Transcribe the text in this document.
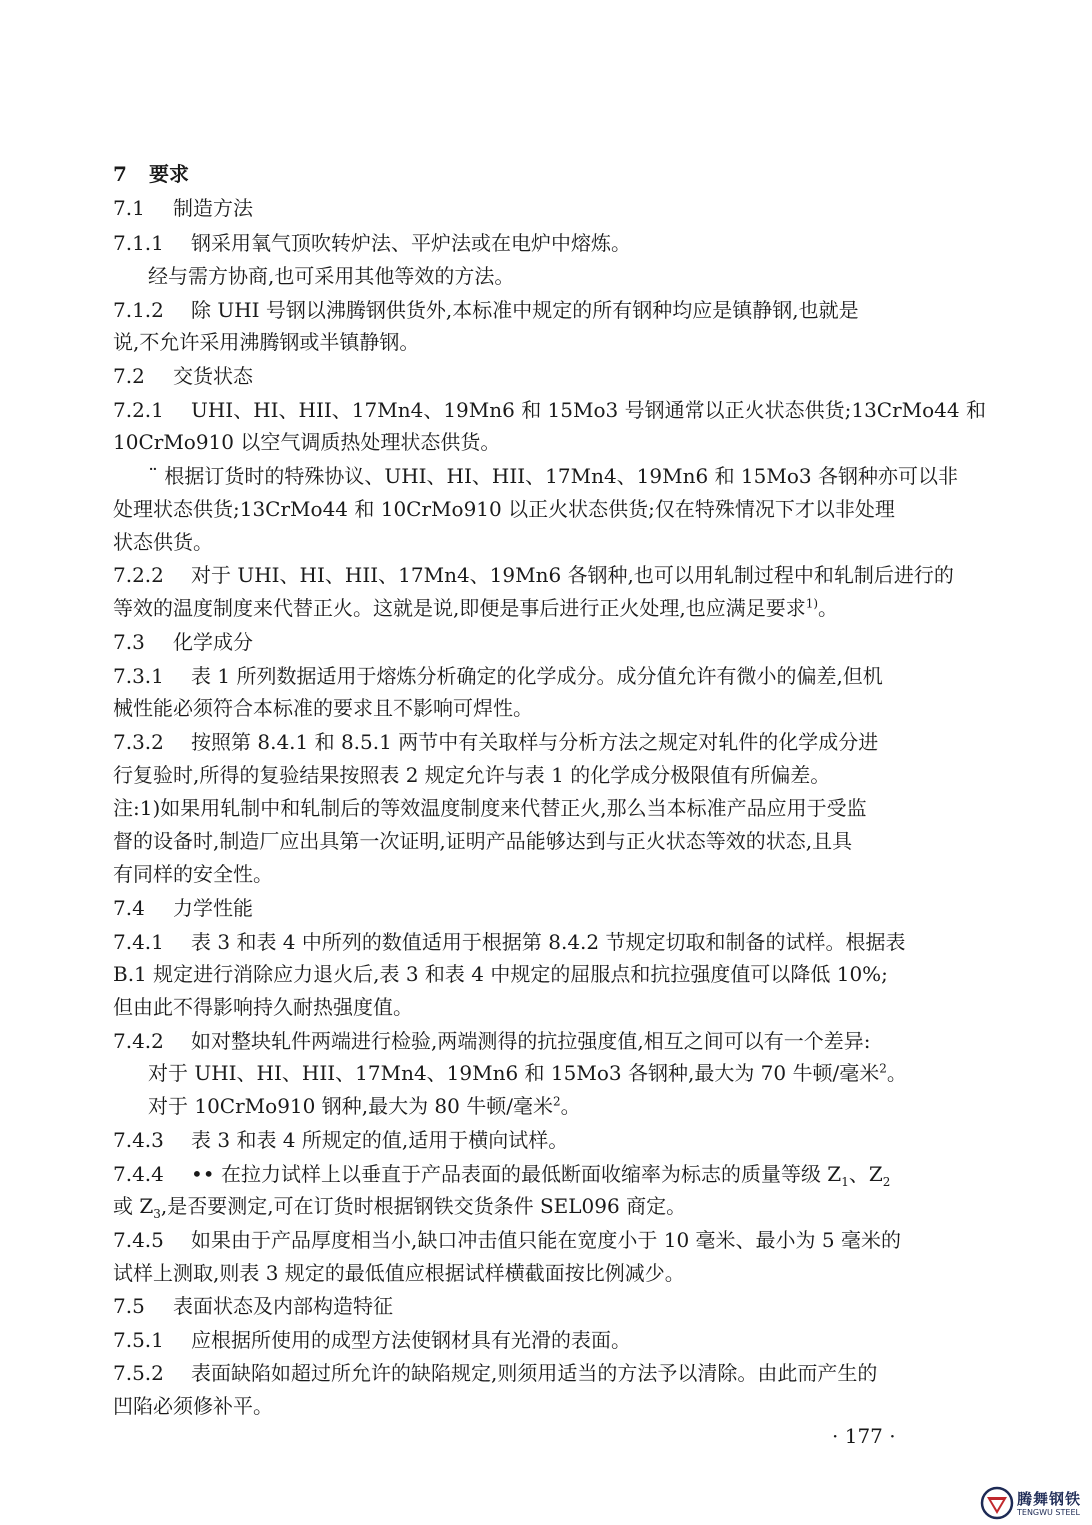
7 要求
7.1 制造方法
7.1.1 钢采用氧气顶吹转炉法、平炉法或在电炉中熔炼。
经与需方协商,也可采用其他等效的方法。
7.1.2 除 UHI 号钢以沸腾钢供货外,本标准中规定的所有钢种均应是镇静钢,也就是
说,不允许采用沸腾钢或半镇静钢。
7.2 交货状态
7.2.1 UHI、HI、HII、17Mn4、19Mn6 和 15Mo3 号钢通常以正火状态供货;13CrMo44 和
10CrMo910 以空气调质热处理状态供货。
¨ 根据订货时的特殊协议、UHI、HI、HII、17Mn4、19Mn6 和 15Mo3 各钢种亦可以非
处理状态供货;13CrMo44 和 10CrMo910 以正火状态供货;仅在特殊情况下才以非处理
状态供货。
7.2.2 对于 UHI、HI、HII、17Mn4、19Mn6 各钢种,也可以用轧制过程中和轧制后进行的
等效的温度制度来代替正火。这就是说,即便是事后进行正火处理,也应满足要求$^{1)}$。
7.3 化学成分
7.3.1 表 1 所列数据适用于熔炼分析确定的化学成分。成分值允许有微小的偏差,但机
械性能必须符合本标准的要求且不影响可焊性。
7.3.2 按照第 8.4.1 和 8.5.1 两节中有关取样与分析方法之规定对轧件的化学成分进
行复验时,所得的复验结果按照表 2 规定允许与表 1 的化学成分极限值有所偏差。
注:1)如果用轧制中和轧制后的等效温度制度来代替正火,那么当本标准产品应用于受监
督的设备时,制造厂应出具第一次证明,证明产品能够达到与正火状态等效的状态,且具
有同样的安全性。
7.4 力学性能
7.4.1 表 3 和表 4 中所列的数值适用于根据第 8.4.2 节规定切取和制备的试样。根据表
B.1 规定进行消除应力退火后,表 3 和表 4 中规定的屈服点和抗拉强度值可以降低 10%;
但由此不得影响持久耐热强度值。
7.4.2 如对整块轧件两端进行检验,两端测得的抗拉强度值,相互之间可以有一个差异:
对于 UHI、HI、HII、17Mn4、19Mn6 和 15Mo3 各钢种,最大为 70 牛顿/毫米$^2$。
对于 10CrMo910 钢种,最大为 80 牛顿/毫米$^2$。
7.4.3 表 3 和表 4 所规定的值,适用于横向试样。
7.4.4 •• 在拉力试样上以垂直于产品表面的最低断面收缩率为标志的质量等级 $Z_1$、$Z_2$
或 $Z_3$,是否要测定,可在订货时根据钢铁交货条件 SEL096 商定。
7.4.5 如果由于产品厚度相当小,缺口冲击值只能在宽度小于 10 毫米、最小为 5 毫米的
试样上测取,则表 3 规定的最低值应根据试样横截面按比例减少。
7.5 表面状态及内部构造特征
7.5.1 应根据所使用的成型方法使钢材具有光滑的表面。
7.5.2 表面缺陷如超过所允许的缺陷规定,则须用适当的方法予以清除。由此而产生的
凹陷必须修补平。
· 177 ·
腾舞钢铁
TENGWU STEEL
